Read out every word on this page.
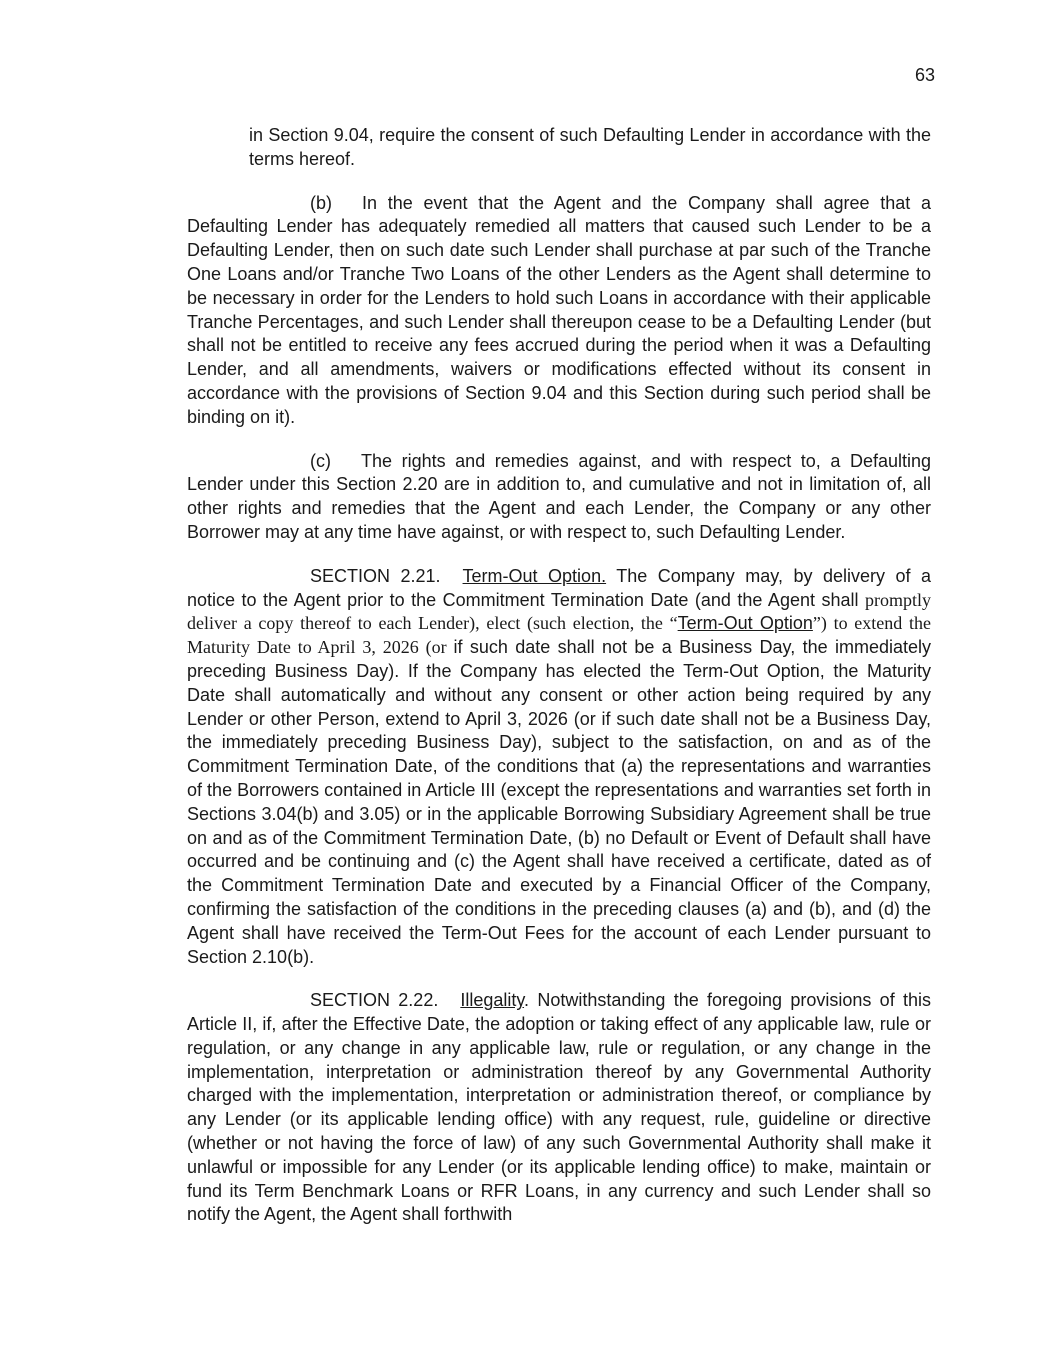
63

in Section 9.04, require the consent of such Defaulting Lender in accordance with the terms hereof.

(b) In the event that the Agent and the Company shall agree that a Defaulting Lender has adequately remedied all matters that caused such Lender to be a Defaulting Lender, then on such date such Lender shall purchase at par such of the Tranche One Loans and/or Tranche Two Loans of the other Lenders as the Agent shall determine to be necessary in order for the Lenders to hold such Loans in accordance with their applicable Tranche Percentages, and such Lender shall thereupon cease to be a Defaulting Lender (but shall not be entitled to receive any fees accrued during the period when it was a Defaulting Lender, and all amendments, waivers or modifications effected without its consent in accordance with the provisions of Section 9.04 and this Section during such period shall be binding on it).

(c) The rights and remedies against, and with respect to, a Defaulting Lender under this Section 2.20 are in addition to, and cumulative and not in limitation of, all other rights and remedies that the Agent and each Lender, the Company or any other Borrower may at any time have against, or with respect to, such Defaulting Lender.

SECTION 2.21. Term-Out Option. The Company may, by delivery of a notice to the Agent prior to the Commitment Termination Date (and the Agent shall promptly deliver a copy thereof to each Lender), elect (such election, the “Term-Out Option”) to extend the Maturity Date to April 3, 2026 (or if such date shall not be a Business Day, the immediately preceding Business Day). If the Company has elected the Term-Out Option, the Maturity Date shall automatically and without any consent or other action being required by any Lender or other Person, extend to April 3, 2026 (or if such date shall not be a Business Day, the immediately preceding Business Day), subject to the satisfaction, on and as of the Commitment Termination Date, of the conditions that (a) the representations and warranties of the Borrowers contained in Article III (except the representations and warranties set forth in Sections 3.04(b) and 3.05) or in the applicable Borrowing Subsidiary Agreement shall be true on and as of the Commitment Termination Date, (b) no Default or Event of Default shall have occurred and be continuing and (c) the Agent shall have received a certificate, dated as of the Commitment Termination Date and executed by a Financial Officer of the Company, confirming the satisfaction of the conditions in the preceding clauses (a) and (b), and (d) the Agent shall have received the Term-Out Fees for the account of each Lender pursuant to Section 2.10(b).

SECTION 2.22. Illegality. Notwithstanding the foregoing provisions of this Article II, if, after the Effective Date, the adoption or taking effect of any applicable law, rule or regulation, or any change in any applicable law, rule or regulation, or any change in the implementation, interpretation or administration thereof by any Governmental Authority charged with the implementation, interpretation or administration thereof, or compliance by any Lender (or its applicable lending office) with any request, rule, guideline or directive (whether or not having the force of law) of any such Governmental Authority shall make it unlawful or impossible for any Lender (or its applicable lending office) to make, maintain or fund its Term Benchmark Loans or RFR Loans, in any currency and such Lender shall so notify the Agent, the Agent shall forthwith
